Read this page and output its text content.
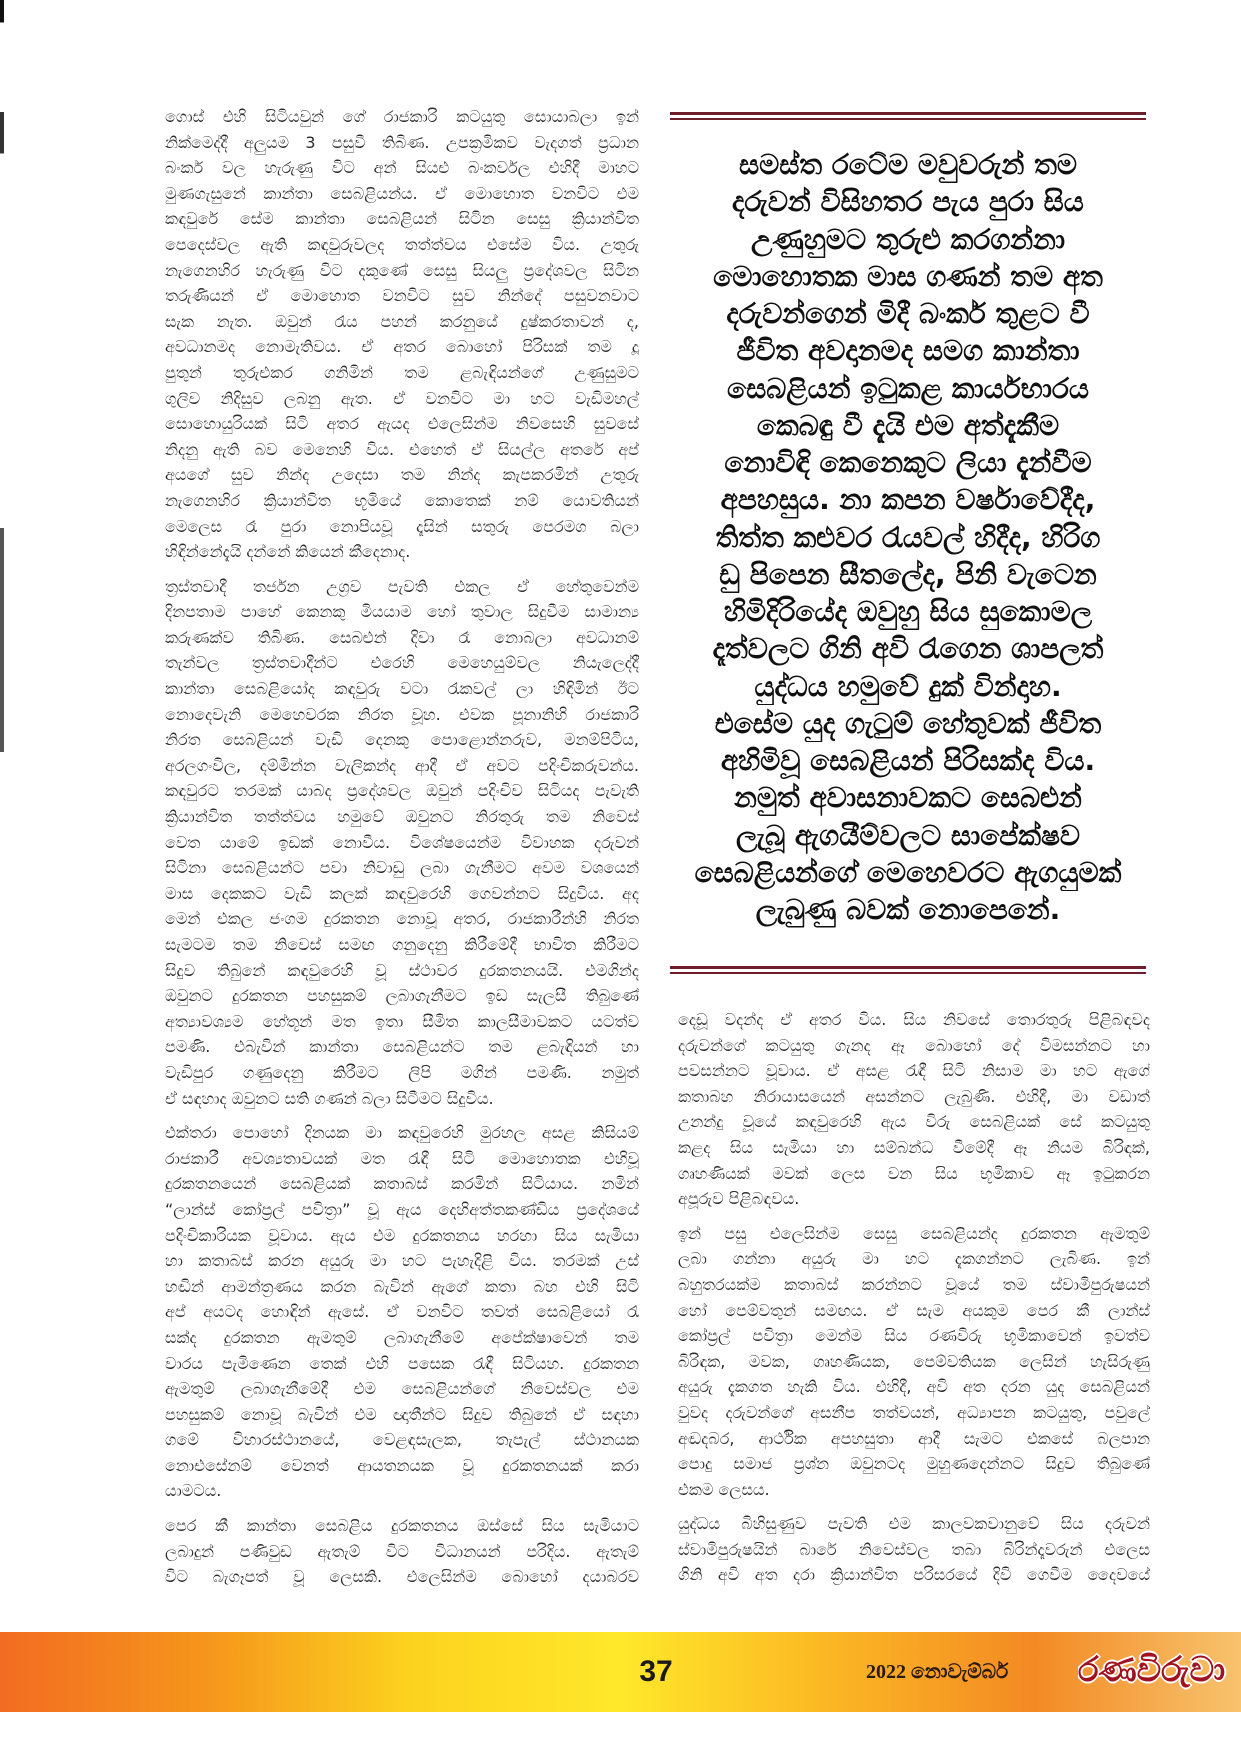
ගොස් එහි සිටියවුන් ගේ රාජකාරි කටයුතු සොයාබලා ඉන්
නික්මෙද්දී අලුයම 3 පසුවී තිබිණ. උපක්‍රමිකව වැදගත් ප්‍රධාන
බංකර් වල හැරුණු විට අන් සියළු බංකර්වල එහිදී මාහට
මුණගැසුනේ කාන්තා සෙබළියන්ය. ඒ මොහොත වනවිට එම
කඳවුරේ සේම කාන්තා සෙබළියන් සිටින සෙසු ක්‍රියාන්විත
පෙදෙස්වල ඇති කඳවුරුවලද තත්ත්වය එසේම විය. උතුරු
නැගෙනහිර හැරුණු විට දකුණේ සෙසු සියලු ප්‍රදේශවල සිටින
තරුණියන් ඒ මොහොත වනවිට සුව නින්දේ පසුවනවාට
සැක නැත. ඔවුන් රැය පහන් කරනුයේ දුෂ්කරතාවන් ද,
අවධානමද නොමැතිවය. ඒ අතර බොහෝ පිරිසක් තම දූ
පුතුන් තුරුළුකර ගනිමින් තම ළබැඳියන්ගේ උණුසුමට
ගුලිව නිදිසුව ලබනු ඇත. ඒ වනවිට මා හට වැඩිමහල්
සොහොයුරියක් සිටි අතර ඇයද එලෙසින්ම නිවසෙහි සුවසේ
නිදනු ඇති බව මෙනෙහි විය. එහෙත් ඒ සියල්ල අතරේ අප්
අයගේ සුව නින්ද උදෙසා තම නින්ද කැපකරමින් උතුරු
නැගෙනහිර ක්‍රියාන්විත භූමියේ කොතෙක් නම් යොවතියන්
මෙලෙස රෑ පුරා නොපියවූ දෑසින් සතුරු පෙරමග බලා
හිඳින්නේදැයි දන්නේ කියෙන් කීදෙනාද.
ත්‍රස්තවාදී තර්ජන උග්‍රව පැවති එකල ඒ හේතුවෙන්ම
දිනපතාම පාහේ කෙනකු මියයාම හෝ තුවාල සිදුවීම සාමාන්‍ය
කරුණක්ව තිබිණ. සෙබළුන් දිවා රෑ නොබලා අවධානම්
තැන්වල ත්‍රස්තවාදීන්ට එරෙහි මෙහෙයුම්වල නියැලෙද්දී
කාන්තා සෙබළියෝද කඳවුරු වටා රැකවල් ලා හිඳිමින් ඊට
නොදෙවැනි මෙහෙවරක නිරත වූහ. එවක පූනානිහි රාජකාරි
නිරත සෙබළියන් වැඩි දෙනකු පොළොන්නරුව, මනම්පිටිය,
අරලගංවිල, දම්මින්න වැලිකන්ද ආදී ඒ අවට පදිංචිකරුවන්ය.
කඳවුරට තරමක් යාබද ප්‍රදේශවල ඔවුන් පදිංචිව සිටියද පැවැති
ක්‍රියාන්විත තත්ත්වය හමුවේ ඔවුනට නිරතුරු තම නිවෙස්
වෙත යාමේ ඉඩක් නොවීය. විශේෂයෙන්ම විවාහක දරුවන්
සිටිනා සෙබළියන්ට පවා නිවාඩු ලබා ගැනීමට අවම වශයෙන්
මාස දෙකකට වැඩි කලක් කඳවුරෙහි ගෙවන්නට සිදුවිය. අද
මෙන් එකල ජංගම දුරකතන නොවූ අතර, රාජකාරීන්හි නිරත
සැමටම තම නිවෙස් සමඟ ගනුදෙනු කිරීමේදී භාවිත කිරීමට
සිදුව තිබුනේ කඳවුරෙහි වූ ස්ථාවර දුරකතනයයි. එමගින්ද
ඔවුනට දුරකතන පහසුකම් ලබාගැනීමට ඉඩ සැලසී තිබුණේ
අත්‍යාවශ්‍යම හේතූන් මත ඉතා සීමිත කාලසීමාවකට යටත්ව
පමණි. එබැවින් කාන්තා සෙබළියන්ට තම ළබැඳියන් හා
වැඩිපුර ගණුදෙනු කිරීමට ලිපි මගින් පමණි. නමුත්
ඒ සඳහාද ඔවුනට සති ගණන් බලා සිටීමට සිදුවිය.
එක්තරා පොහෝ දිනයක මා කඳවුරෙහි මුරහල අසළ කිසියම්
රාජකාරී අවශ්‍යතාවයක් මත රැඳී සිටි මොහොතක එහිවූ
දුරකතනයෙන් සෙබළියක් කතාබස් කරමින් සිටියාය. නමින්
“ලාන්ස් කෝප්‍රල් පවිත්‍රා” වූ ඇය දෙහිඅත්තකණ්ඩිය ප්‍රදේශයේ
පදිංචිකාරියක වූවාය. ඇය එම දුරකතනය හරහා සිය සැමියා
හා කතාබස් කරන අයුරු මා හට පැහැදිළි විය. තරමක් උස්
හඬින් ආමන්ත්‍රණය කරන බැවින් ඇගේ කතා බහ එහි සිටි
අප් අයටද හොඳින් ඇසේ. ඒ වනවිට තවත් සෙබළියෝ රැ
සක්ද දුරකතන ඇමතුම් ලබාගැනීමේ අපේක්ෂාවෙන් තම
වාරය පැමිණෙන තෙක් එහි පසෙක රැඳී සිටියහ. දුරකතන
ඇමතුම් ලබාගැනීමේදී එම සෙබළියන්ගේ නිවෙස්වල එම
පහසුකම් නොවූ බැවින් එම ඥාතීන්ට සිදුව තිබුනේ ඒ සඳහා
ගමේ විහාරස්ථානයේ, වෙළඳසැලක, තැපැල් ස්ථානයක
නොඑසේනම් වෙනත් ආයතනයක වූ දුරකතනයක් කරා
යාමටය.
පෙර කී කාන්තා සෙබළිය දුරකතනය ඔස්සේ සිය සැමියාට
ලබාදුන් පණිවුඩ ඇතැම් විට විධානයන් පරිදිය. ඇතැම්
විට බැගෑපත් වූ ලෙසකි. එලෙසින්ම බොහෝ දයාබරව
සමස්ත රටේම මවුවරුන් තම
දරුවන් විසිහතර පැය පුරා සිය
උණුහුමට තුරුළු කරගන්නා
මොහොතක මාස ගණන් තම අත
දරුවන්ගෙන් මිදී බංකර් තුළට වී
ජීවිත අවදානමද සමග කාන්තා
සෙබළියන් ඉටුකළ කාර්යභාරය
කෙබඳු වී දැයි එම අත්දැකීම
නොවිඳි කෙනෙකුට ලියා දැන්වීම
අපහසුය. නා කපන වර්ෂාවේදීද,
තිත්ත කළුවර රැයවල් හිදීද, හිරිග
ඩු පිපෙන සීතලේද, පිනි වැටෙන
හිමිදිරියේද ඔවුහු සිය සුකොමල
දෑත්වලට ගිනි අවි රැගෙන ශාපලත්
යුද්ධය හමුවේ දුක් වින්දාහ.
එසේම යුද ගැටුම් හේතුවක් ජීවිත
අහිමිවූ සෙබළියන් පිරිසක්ද විය.
නමුත් අවාසනාවකට සෙබළුන්
ලැබූ ඇගයීම්වලට සාපේක්ෂව
සෙබළියන්ගේ මෙහෙවරට ඇගයුමක්
ලැබුණු බවක් නොපෙනේ.
දෙඩූ වදන්ද ඒ අතර විය. සිය නිවසේ තොරතුරු පිළිබඳවද
දරුවන්ගේ කටයුතු ගැනද ඈ බොහෝ දේ විමසන්නට හා
පවසන්නට වූවාය. ඒ අසළ රැඳී සිටි නිසාම මා හට ඇගේ
කතාබහ නිරායාසයෙන් අසන්නට ලැබුණි. එහිදී, මා වඩාත්
උනන්දු වූයේ කඳවුරෙහි ඇය විරු සෙබළියක් සේ කටයුතු
කළද සිය සැමියා හා සම්බන්ධ වීමේදී ඈ නියම බිරිඳක්,
ගෘහණියක් මවක් ලෙස වන සිය භූමිකාව ඈ ඉටුකරන
අපූරුව පිළිබඳවය.
ඉන් පසු එලෙසින්ම සෙසු සෙබළියන්ද දුරකතන ඇමතුම්
ලබා ගන්නා අයුරු මා හට දැකගන්නට ලැබිණ. ඉන්
බහුතරයක්ම කතාබස් කරන්නට වූයේ තම ස්වාමිපුරුෂයන්
හෝ පෙම්වතුන් සමඟය. ඒ සැම අයකුම පෙර කී ලාන්ස්
කෝප්‍රල් පවිත්‍රා මෙන්ම සිය රණවිරු භූමිකාවෙන් ඉවත්ව
බිරිඳක, මවක, ගෘහණියක, පෙම්වතියක ලෙසින් හැසිරුණු
අයුරු දැකගත හැකි විය. එහිදී, අවි අත දරන යුද සෙබළියන්
වුවද දරුවන්ගේ අසනීප තත්වයන්, අධ්‍යාපන කටයුතු, පවුලේ
අඬදබර, ආර්ථික අපහසුතා ආදී සැමට එකසේ බලපාන
පොදු සමාජ ප්‍රශ්න ඔවුනටද මුහුණදෙන්නට සිදුව තිබුණේ
එකම ලෙසය.
යුද්ධය බිහිසුණුව පැවති එම කාලවකවානුවේ සිය දරුවන්
ස්වාමිපුරුෂයින් බාරේ නිවෙස්වල තබා බිරින්දෑවරුන් එලෙස
ගිනි අවි අත දරා ක්‍රියාන්විත පරිසරයේ දිවි ගෙවීම දෛවයේ
37	2022 නොවැම්බර්	රණවිරුවා
